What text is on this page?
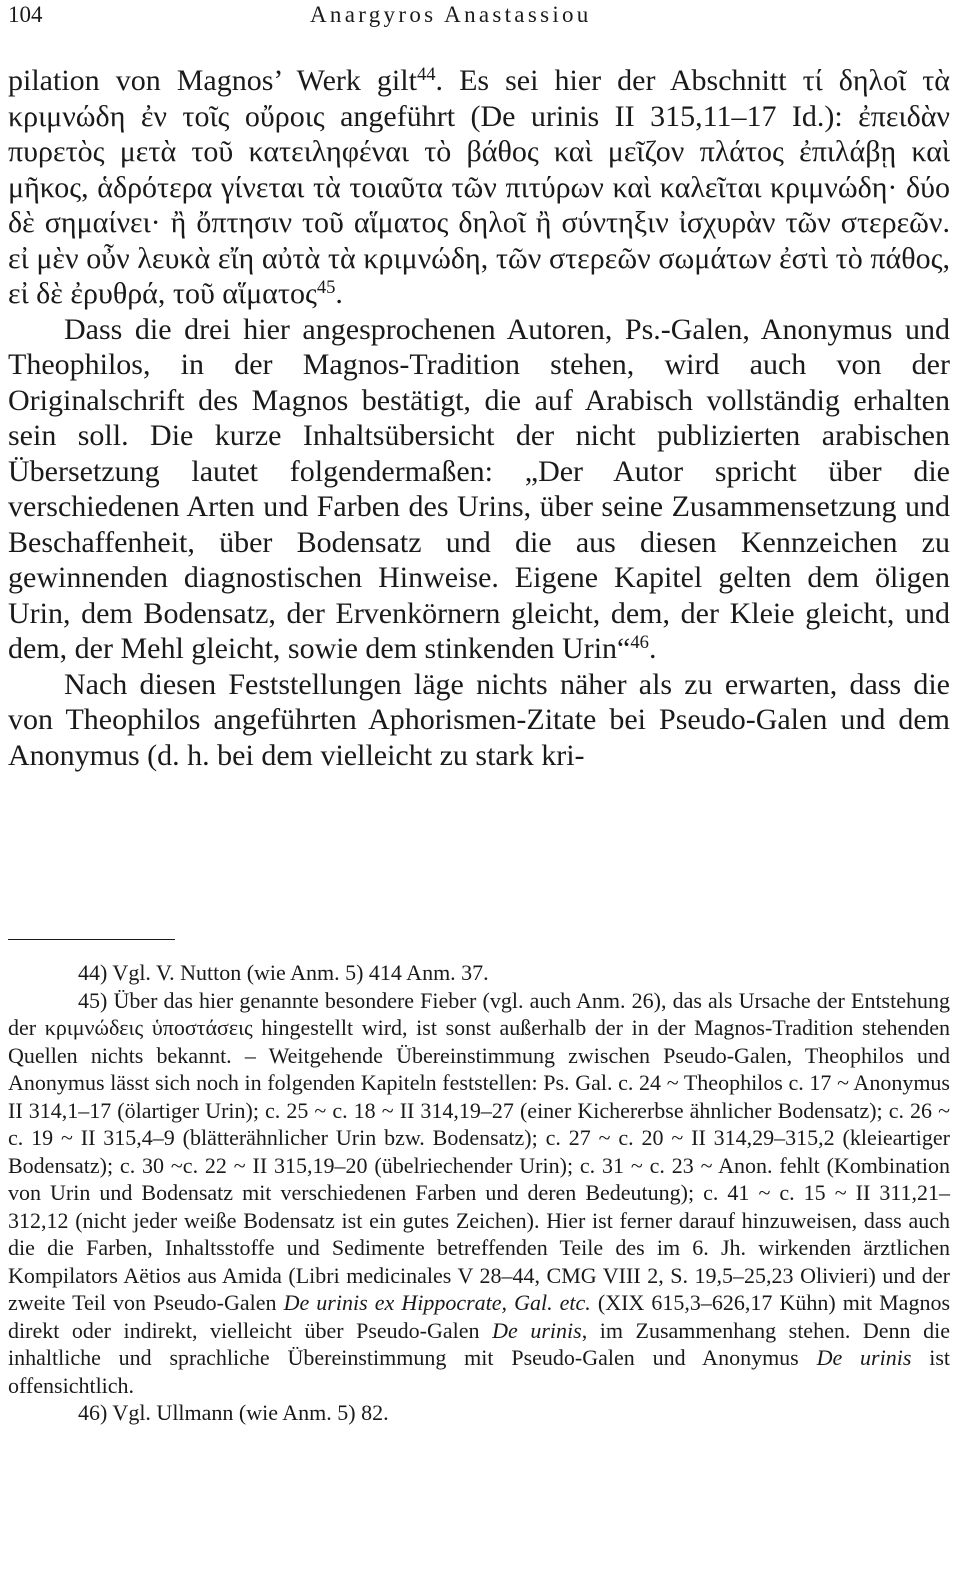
104	Anargyros Anastassiou

pilation von Magnos’ Werk gilt$^{44}$. Es sei hier der Abschnitt τί δηλοῖ τὰ κριμνώδη ἐν τοῖς οὔροις angeführt (De urinis II 315,11–17 Id.): ἐπειδὰν πυρετὸς μετὰ τοῦ κατειληφέναι τὸ βάθος καὶ μεῖζον πλάτος ἐπιλάβῃ καὶ μῆκος, ἁδρότερα γίνεται τὰ τοιαῦτα τῶν πιτύρων καὶ καλεῖται κριμνώδη· δύο δὲ σημαίνει· ἢ ὄπτησιν τοῦ αἵματος δηλοῖ ἢ σύντηξιν ἰσχυρὰν τῶν στερεῶν. εἰ μὲν οὖν λευκὰ εἴη αὐτὰ τὰ κριμνώδη, τῶν στερεῶν σωμάτων ἐστὶ τὸ πάθος, εἰ δὲ ἐρυθρά, τοῦ αἵματος$^{45}$.

Dass die drei hier angesprochenen Autoren, Ps.-Galen, Anonymus und Theophilos, in der Magnos-Tradition stehen, wird auch von der Originalschrift des Magnos bestätigt, die auf Arabisch vollständig erhalten sein soll. Die kurze Inhaltsübersicht der nicht publizierten arabischen Übersetzung lautet folgendermaßen: „Der Autor spricht über die verschiedenen Arten und Farben des Urins, über seine Zusammensetzung und Beschaffenheit, über Bodensatz und die aus diesen Kennzeichen zu gewinnenden diagnostischen Hinweise. Eigene Kapitel gelten dem öligen Urin, dem Bodensatz, der Ervenkörnern gleicht, dem, der Kleie gleicht, und dem, der Mehl gleicht, sowie dem stinkenden Urin“$^{46}$.

Nach diesen Feststellungen läge nichts näher als zu erwarten, dass die von Theophilos angeführten Aphorismen-Zitate bei Pseudo-Galen und dem Anonymus (d. h. bei dem vielleicht zu stark kri-

44) Vgl. V. Nutton (wie Anm. 5) 414 Anm. 37.

45) Über das hier genannte besondere Fieber (vgl. auch Anm. 26), das als Ursache der Entstehung der κριμνώδεις ὑποστάσεις hingestellt wird, ist sonst außerhalb der in der Magnos-Tradition stehenden Quellen nichts bekannt. – Weitgehende Übereinstimmung zwischen Pseudo-Galen, Theophilos und Anonymus lässt sich noch in folgenden Kapiteln feststellen: Ps. Gal. c. 24 ~ Theophilos c. 17 ~ Anonymus II 314,1–17 (ölartiger Urin); c. 25 ~ c. 18 ~ II 314,19–27 (einer Kichererbse ähnlicher Bodensatz); c. 26 ~ c. 19 ~ II 315,4–9 (blätterähnlicher Urin bzw. Bodensatz); c. 27 ~ c. 20 ~ II 314,29–315,2 (kleieartiger Bodensatz); c. 30 ~c. 22 ~ II 315,19–20 (übelriechender Urin); c. 31 ~ c. 23 ~ Anon. fehlt (Kombination von Urin und Bodensatz mit verschiedenen Farben und deren Bedeutung); c. 41 ~ c. 15 ~ II 311,21–312,12 (nicht jeder weiße Bodensatz ist ein gutes Zeichen). Hier ist ferner darauf hinzuweisen, dass auch die die Farben, Inhaltsstoffe und Sedimente betreffenden Teile des im 6. Jh. wirkenden ärztlichen Kompilators Aëtios aus Amida (Libri medicinales V 28–44, CMG VIII 2, S. 19,5–25,23 Olivieri) und der zweite Teil von Pseudo-Galen De urinis ex Hippocrate, Gal. etc. (XIX 615,3–626,17 Kühn) mit Magnos direkt oder indirekt, vielleicht über Pseudo-Galen De urinis, im Zusammenhang stehen. Denn die inhaltliche und sprachliche Übereinstimmung mit Pseudo-Galen und Anonymus De urinis ist offensichtlich.

46) Vgl. Ullmann (wie Anm. 5) 82.
